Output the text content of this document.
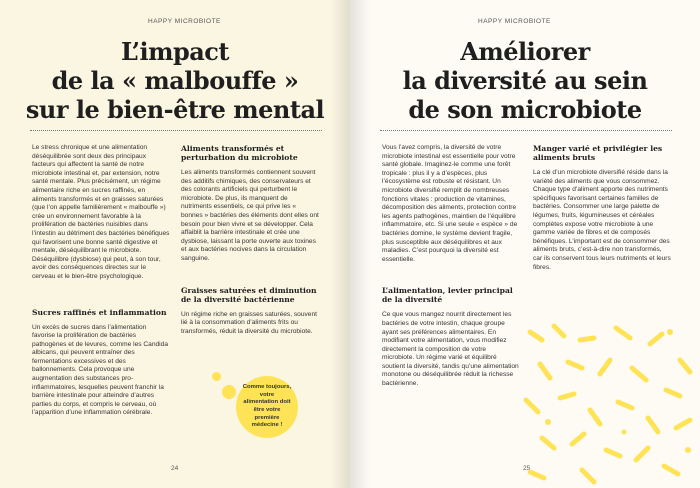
HAPPY MICROBIOTE
L’impact
de la « malbouffe »
sur le bien-être mental

Le stress chronique et une alimentation déséquilibrée sont deux des principaux facteurs qui affectent la santé de notre microbiote intestinal et, par extension, notre santé mentale. Plus précisément, un régime alimentaire riche en sucres raffinés, en aliments transformés et en graisses saturées (que l’on appelle familièrement « malbouffe ») crée un environnement favorable à la prolifération de bactéries nuisibles dans l’intestin au détriment des bactéries bénéfiques qui favorisent une bonne santé digestive et mentale, déséquilibrant le microbiote. Déséquilibre (dysbiose) qui peut, à son tour, avoir des conséquences directes sur le cerveau et le bien-être psychologique.

Sucres raffinés et inflammation

Un excès de sucres dans l’alimentation favorise la prolifération de bactéries pathogènes et de levures, comme les Candida albicans, qui peuvent entraîner des fermentations excessives et des ballonnements. Cela provoque une augmentation des substances pro-inflammatoires, lesquelles peuvent franchir la barrière intestinale pour atteindre d’autres parties du corps, et compris le cerveau, où l’apparition d’une inflammation cérébrale.

Aliments transformés et perturbation du microbiote

Les aliments transformés contiennent souvent des additifs chimiques, des conservateurs et des colorants artificiels qui perturbent le microbiote. De plus, ils manquent de nutriments essentiels, ce qui prive les « bonnes » bactéries des éléments dont elles ont besoin pour bien vivre et se développer. Cela affaiblit la barrière intestinale et crée une dysbiose, laissant la porte ouverte aux toxines et aux bactéries nocives dans la circulation sanguine.

Graisses saturées et diminution de la diversité bactérienne

Un régime riche en graisses saturées, souvent lié à la consommation d’aliments frits ou transformés, réduit la diversité du microbiote.

Comme toujours, votre alimentation doit être votre première médecine !
24
HAPPY MICROBIOTE
Améliorer
la diversité au sein
de son microbiote

Vous l’avez compris, la diversité de votre microbiote intestinal est essentielle pour votre santé globale. Imaginez-le comme une forêt tropicale : plus il y a d’espèces, plus l’écosystème est robuste et résistant. Un microbiote diversifié remplit de nombreuses fonctions vitales : production de vitamines, décomposition des aliments, protection contre les agents pathogènes, maintien de l’équilibre inflammatoire, etc. Si une seule « espèce » de bactéries domine, le système devient fragile, plus susceptible aux déséquilibres et aux maladies. C’est pourquoi la diversité est essentielle.

L’alimentation, levier principal de la diversité

Ce que vous mangez nourrit directement les bactéries de votre intestin, chaque groupe ayant ses préférences alimentaires. En modifiant votre alimentation, vous modifiez directement la composition de votre microbiote. Un régime varié et équilibré soutient la diversité, tandis qu’une alimentation monotone ou déséquilibrée réduit la richesse bactérienne.

Manger varié et privilégier les aliments bruts

La clé d’un microbiote diversifié réside dans la variété des aliments que vous consommez. Chaque type d’aliment apporte des nutriments spécifiques favorisant certaines familles de bactéries. Consommer une large palette de légumes, fruits, légumineuses et céréales complètes expose votre microbiote à une gamme variée de fibres et de composés bénéfiques. L’important est de consommer des aliments bruts, c’est-à-dire non transformés, car ils conservent tous leurs nutriments et leurs fibres.

25
